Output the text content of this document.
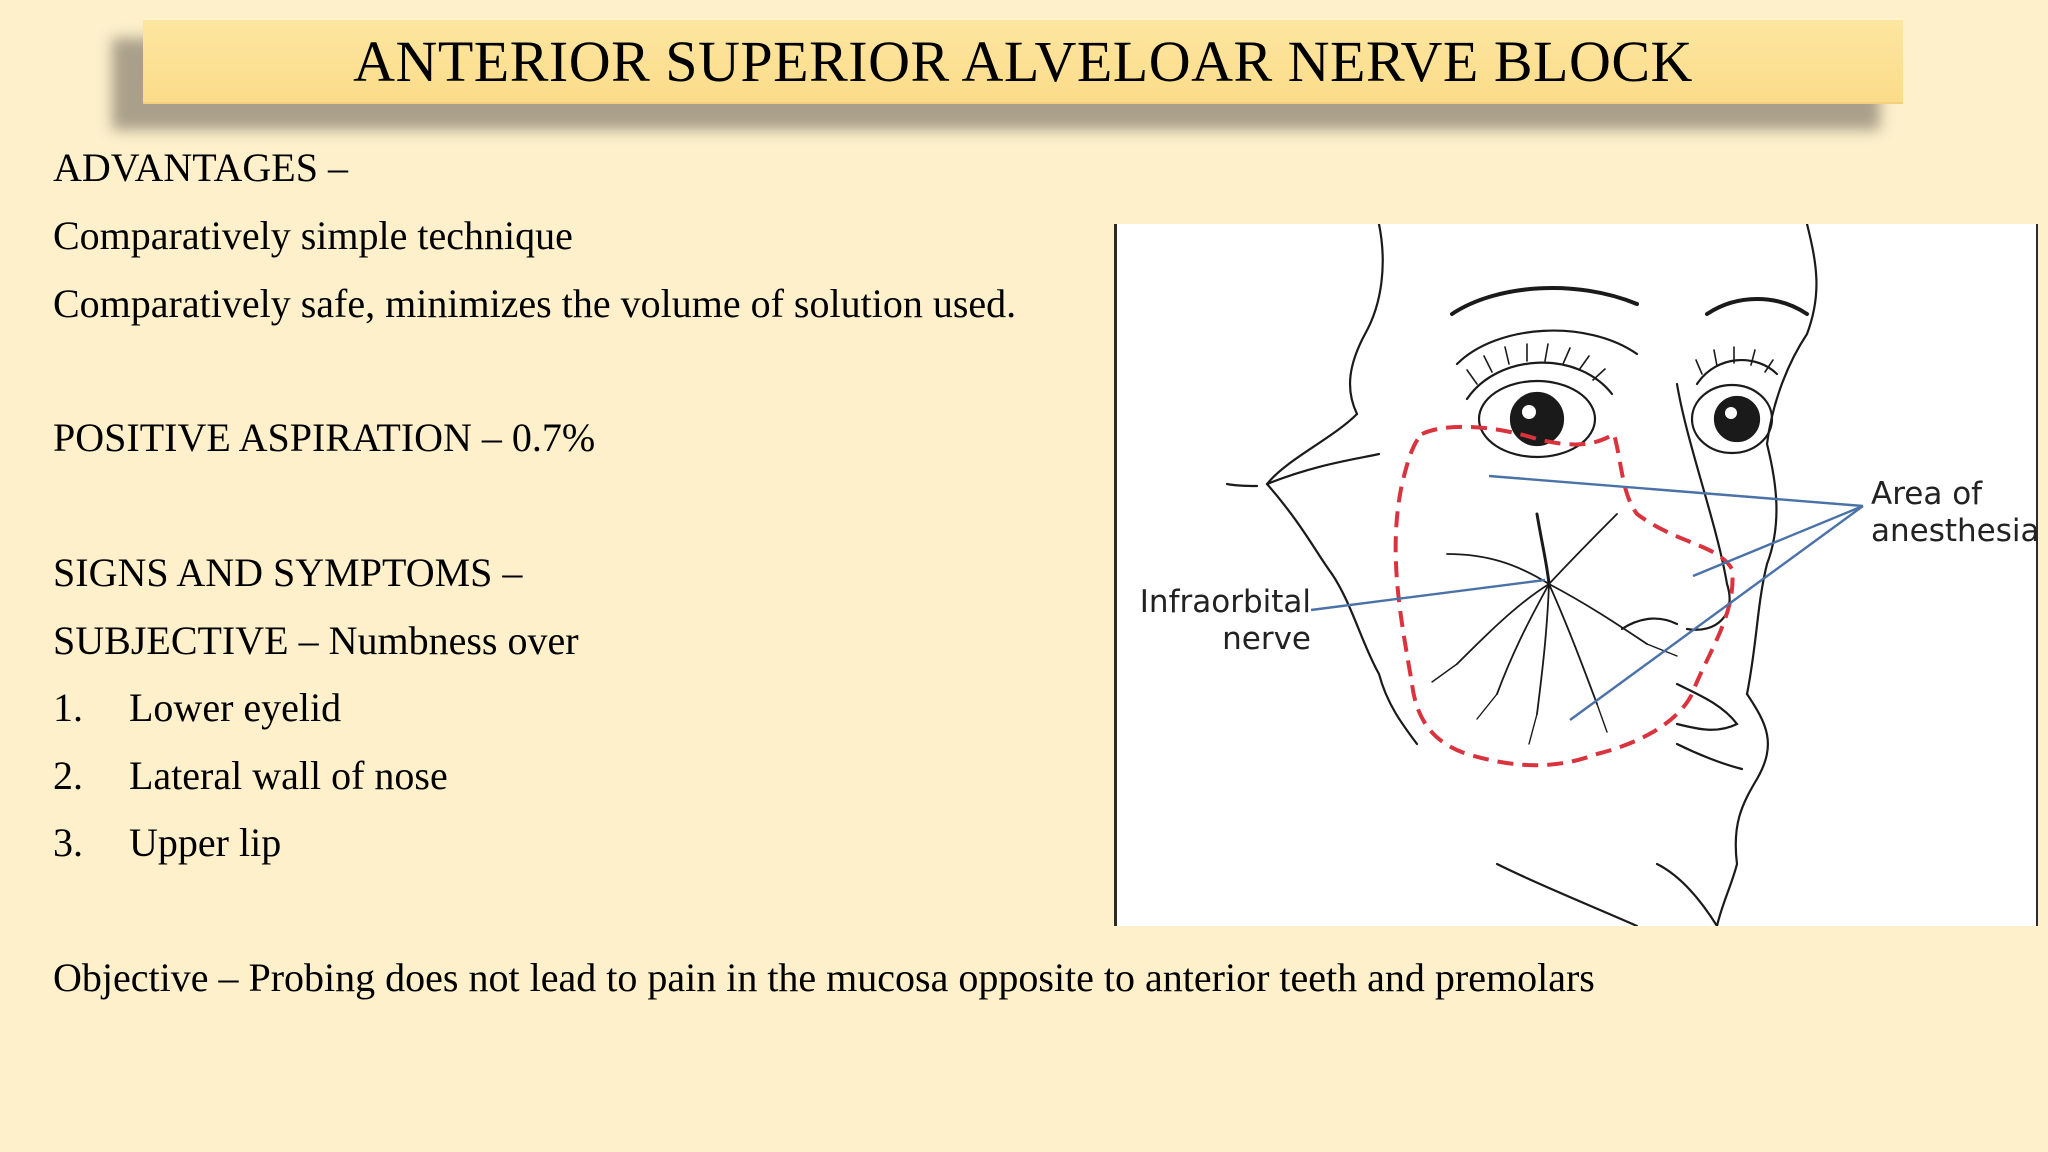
ANTERIOR SUPERIOR ALVELOAR NERVE BLOCK
ADVANTAGES –
Comparatively simple technique
Comparatively safe, minimizes the volume of solution used.
POSITIVE ASPIRATION – 0.7%
SIGNS AND SYMPTOMS –
SUBJECTIVE – Numbness over
1. Lower eyelid
2. Lateral wall of nose
3. Upper lip
Objective – Probing does not lead to pain in the mucosa opposite to anterior teeth and premolars
Infraorbital
nerve
Area of
anesthesia
